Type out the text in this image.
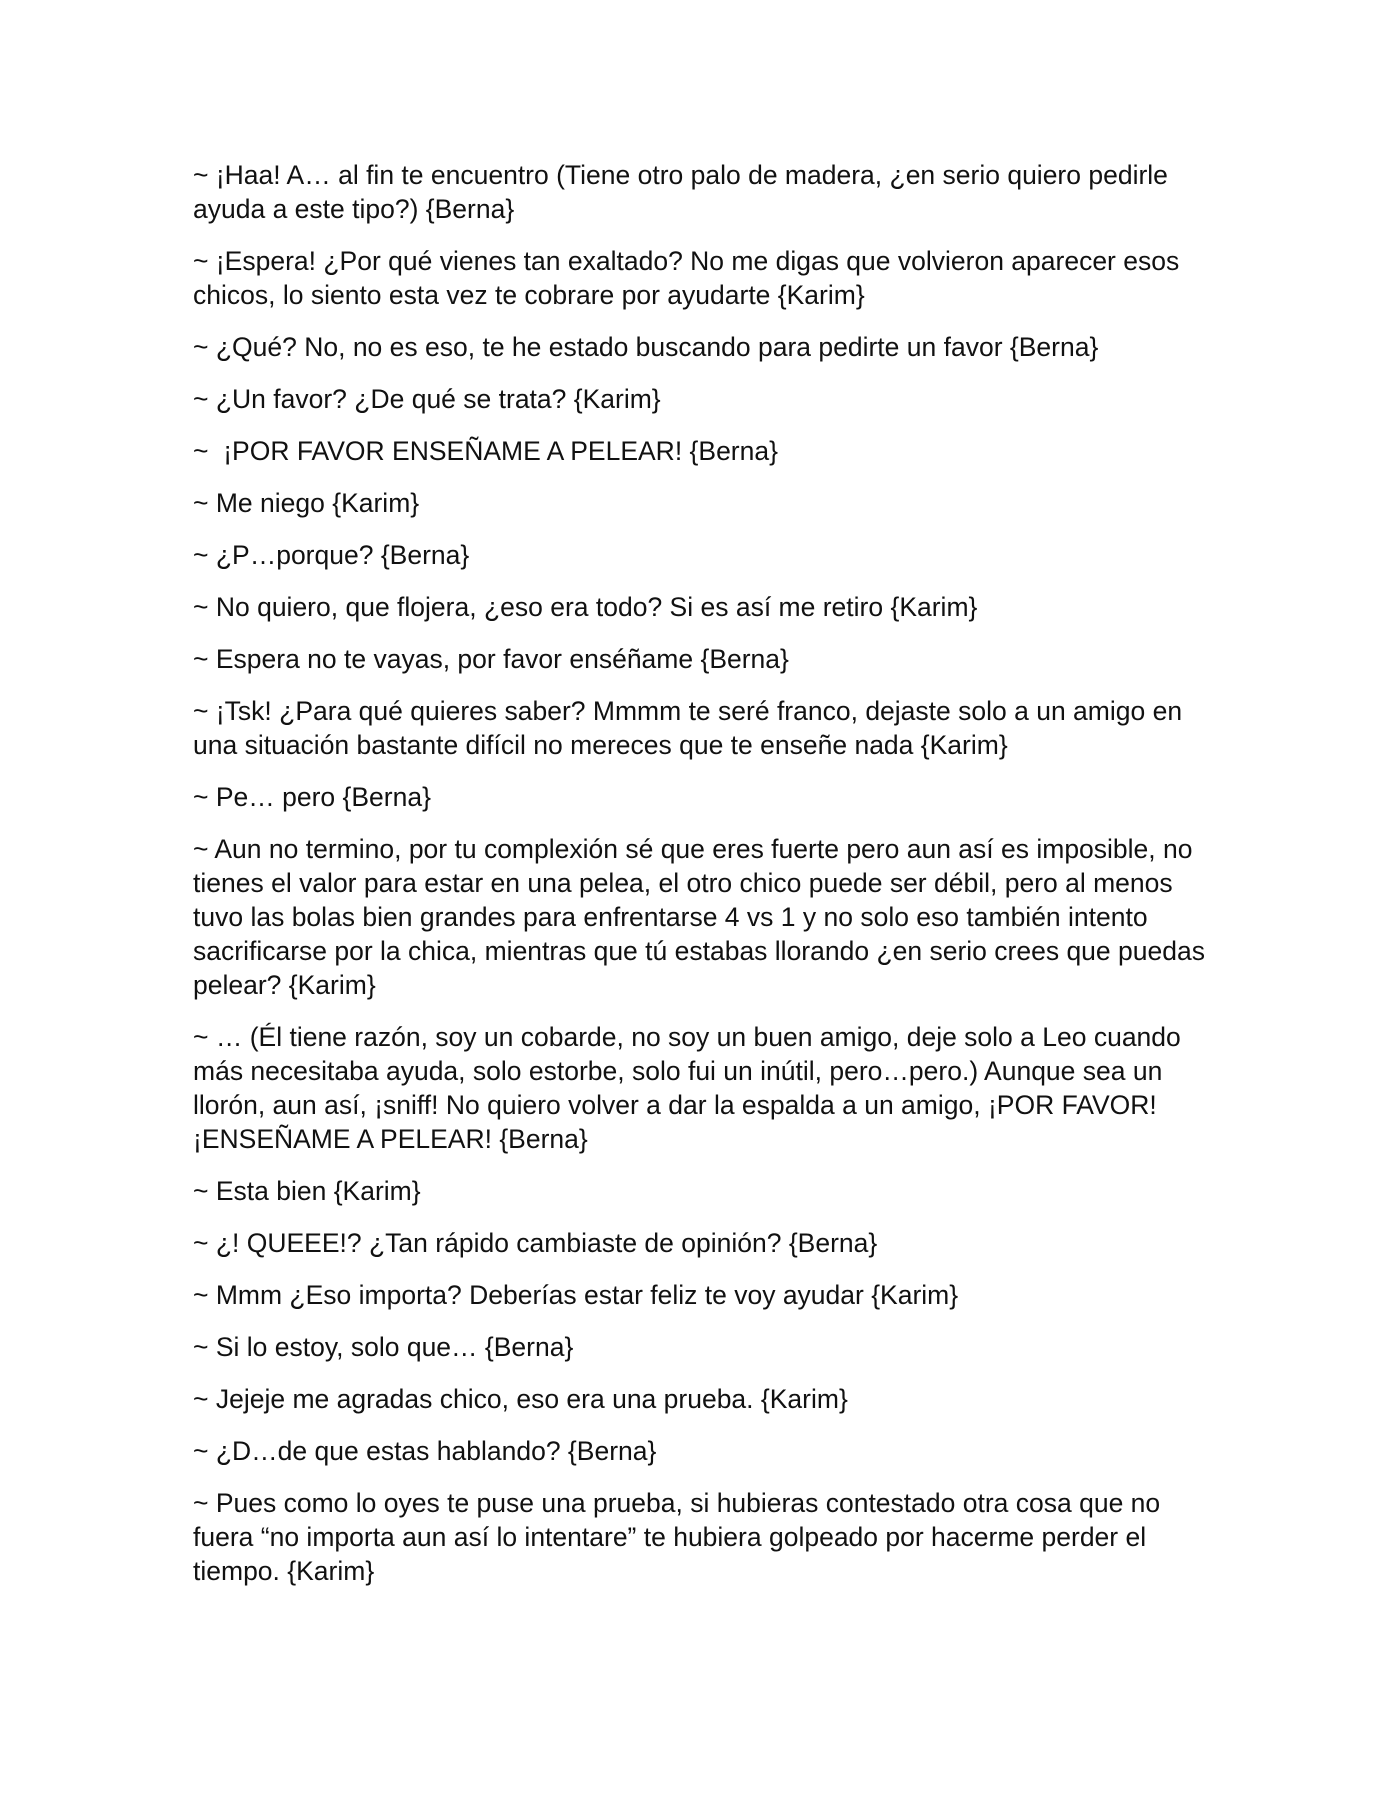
~ ¡Haa! A… al fin te encuentro (Tiene otro palo de madera, ¿en serio quiero pedirle ayuda a este tipo?) {Berna}

~ ¡Espera! ¿Por qué vienes tan exaltado? No me digas que volvieron aparecer esos chicos, lo siento esta vez te cobrare por ayudarte {Karim}

~ ¿Qué? No, no es eso, te he estado buscando para pedirte un favor {Berna}

~ ¿Un favor? ¿De qué se trata? {Karim}

~  ¡POR FAVOR ENSEÑAME A PELEAR! {Berna}

~ Me niego {Karim}

~ ¿P…porque? {Berna}

~ No quiero, que flojera, ¿eso era todo? Si es así me retiro {Karim}

~ Espera no te vayas, por favor enséñame {Berna}

~ ¡Tsk! ¿Para qué quieres saber? Mmmm te seré franco, dejaste solo a un amigo en una situación bastante difícil no mereces que te enseñe nada {Karim}

~ Pe… pero {Berna}

~ Aun no termino, por tu complexión sé que eres fuerte pero aun así es imposible, no tienes el valor para estar en una pelea, el otro chico puede ser débil, pero al menos tuvo las bolas bien grandes para enfrentarse 4 vs 1 y no solo eso también intento sacrificarse por la chica, mientras que tú estabas llorando ¿en serio crees que puedas pelear? {Karim}

~ … (Él tiene razón, soy un cobarde, no soy un buen amigo, deje solo a Leo cuando más necesitaba ayuda, solo estorbe, solo fui un inútil, pero…pero.) Aunque sea un llorón, aun así, ¡sniff! No quiero volver a dar la espalda a un amigo, ¡POR FAVOR! ¡ENSEÑAME A PELEAR! {Berna}

~ Esta bien {Karim}

~ ¿! QUEEE!? ¿Tan rápido cambiaste de opinión? {Berna}

~ Mmm ¿Eso importa? Deberías estar feliz te voy ayudar {Karim}

~ Si lo estoy, solo que… {Berna}

~ Jejeje me agradas chico, eso era una prueba. {Karim}

~ ¿D…de que estas hablando? {Berna}

~ Pues como lo oyes te puse una prueba, si hubieras contestado otra cosa que no fuera “no importa aun así lo intentare” te hubiera golpeado por hacerme perder el tiempo. {Karim}
